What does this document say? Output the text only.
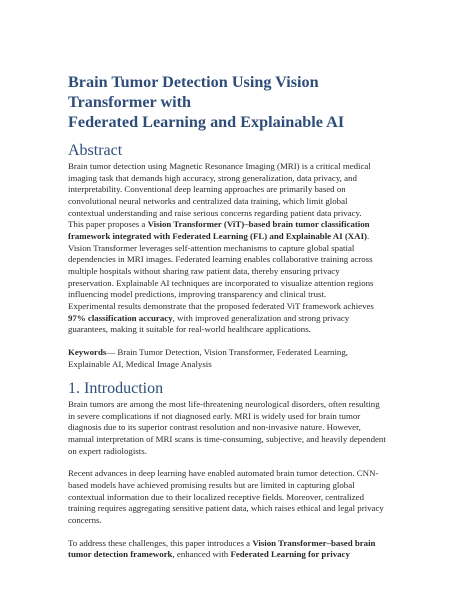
Brain Tumor Detection Using Vision Transformer with
Federated Learning and Explainable AI
Abstract
Brain tumor detection using Magnetic Resonance Imaging (MRI) is a critical medical
imaging task that demands high accuracy, strong generalization, data privacy, and
interpretability. Conventional deep learning approaches are primarily based on
convolutional neural networks and centralized data training, which limit global
contextual understanding and raise serious concerns regarding patient data privacy.
This paper proposes a Vision Transformer (ViT)–based brain tumor classification
framework integrated with Federated Learning (FL) and Explainable AI (XAI).
Vision Transformer leverages self-attention mechanisms to capture global spatial
dependencies in MRI images. Federated learning enables collaborative training across
multiple hospitals without sharing raw patient data, thereby ensuring privacy
preservation. Explainable AI techniques are incorporated to visualize attention regions
influencing model predictions, improving transparency and clinical trust.
Experimental results demonstrate that the proposed federated ViT framework achieves
97% classification accuracy, with improved generalization and strong privacy
guarantees, making it suitable for real-world healthcare applications.
Keywords— Brain Tumor Detection, Vision Transformer, Federated Learning,
Explainable AI, Medical Image Analysis
1. Introduction
Brain tumors are among the most life-threatening neurological disorders, often resulting
in severe complications if not diagnosed early. MRI is widely used for brain tumor
diagnosis due to its superior contrast resolution and non-invasive nature. However,
manual interpretation of MRI scans is time-consuming, subjective, and heavily dependent
on expert radiologists.
Recent advances in deep learning have enabled automated brain tumor detection. CNN-
based models have achieved promising results but are limited in capturing global
contextual information due to their localized receptive fields. Moreover, centralized
training requires aggregating sensitive patient data, which raises ethical and legal privacy
concerns.
To address these challenges, this paper introduces a Vision Transformer–based brain
tumor detection framework, enhanced with Federated Learning for privacy
